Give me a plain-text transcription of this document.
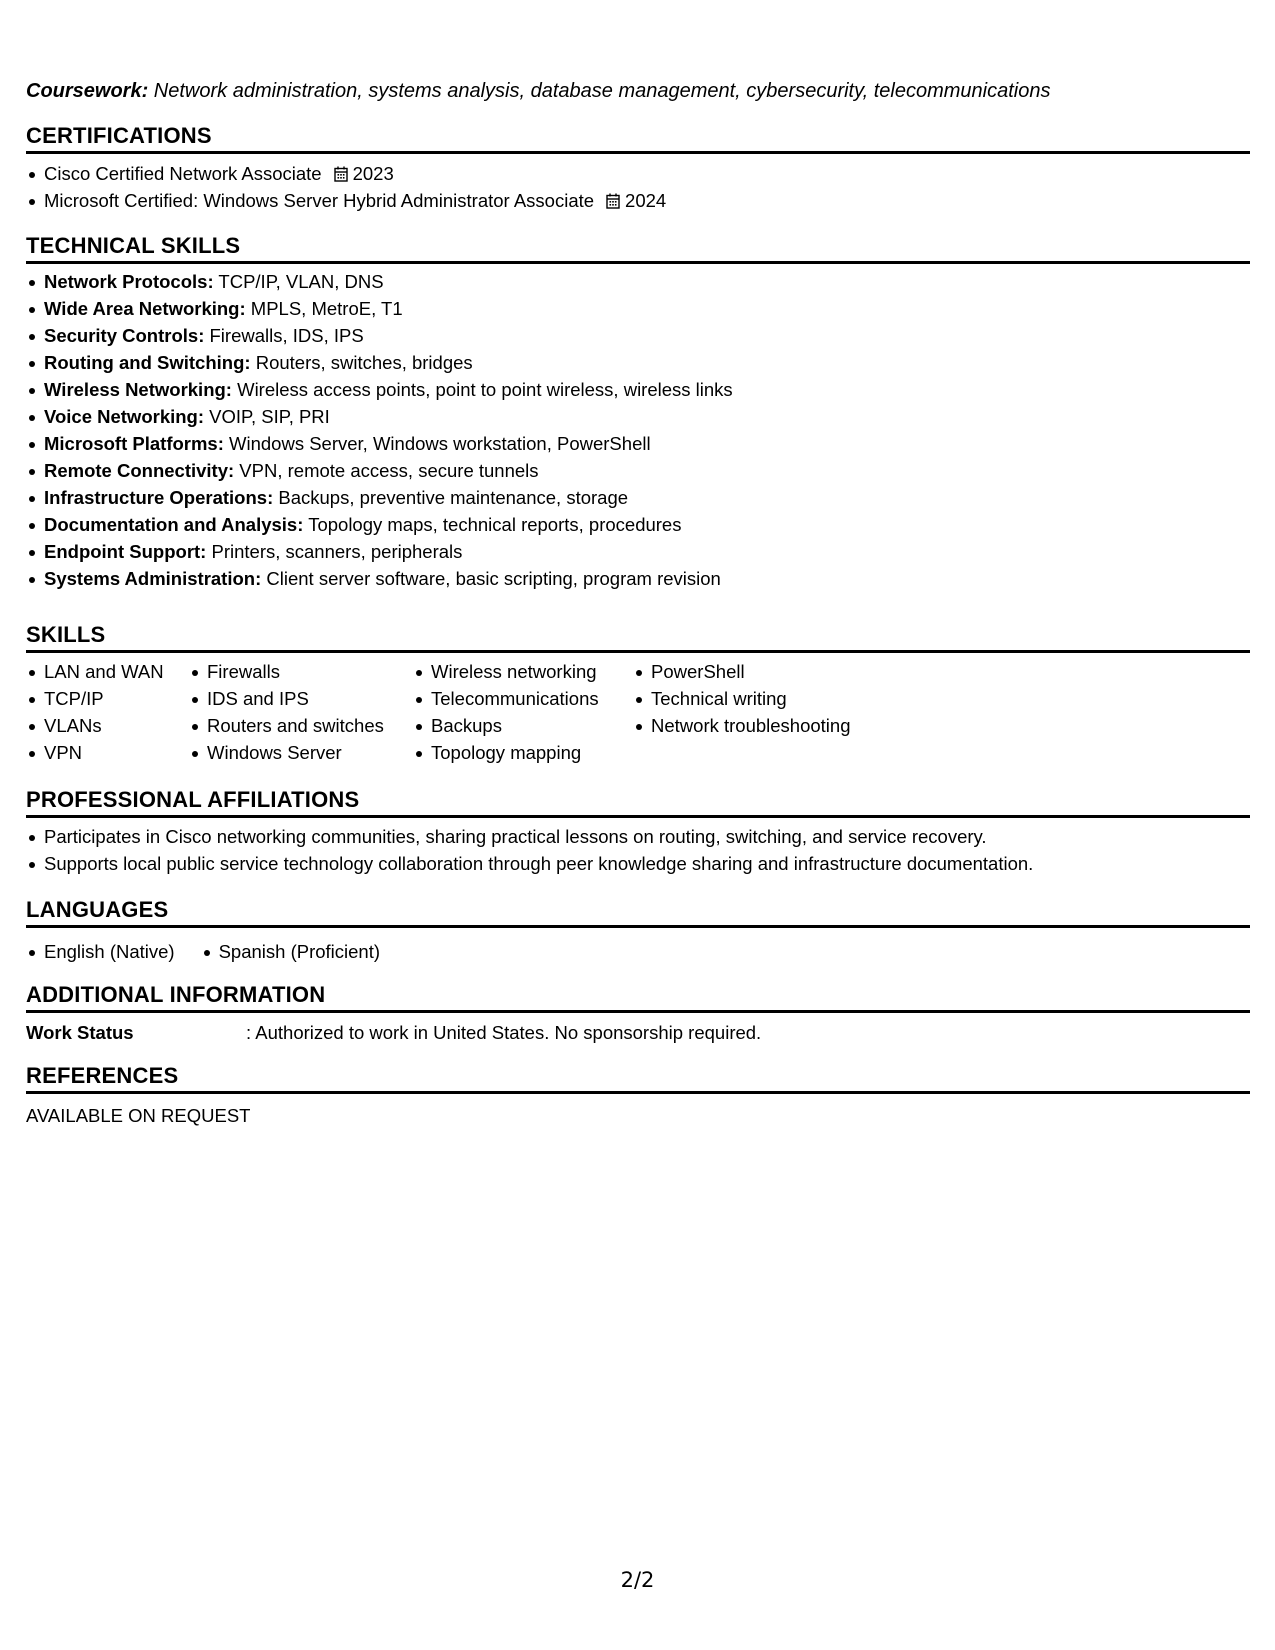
Coursework: Network administration, systems analysis, database management, cybersecurity, telecommunications
CERTIFICATIONS
Cisco Certified Network Associate 2023
Microsoft Certified: Windows Server Hybrid Administrator Associate 2024
TECHNICAL SKILLS
Network Protocols: TCP/IP, VLAN, DNS
Wide Area Networking: MPLS, MetroE, T1
Security Controls: Firewalls, IDS, IPS
Routing and Switching: Routers, switches, bridges
Wireless Networking: Wireless access points, point to point wireless, wireless links
Voice Networking: VOIP, SIP, PRI
Microsoft Platforms: Windows Server, Windows workstation, PowerShell
Remote Connectivity: VPN, remote access, secure tunnels
Infrastructure Operations: Backups, preventive maintenance, storage
Documentation and Analysis: Topology maps, technical reports, procedures
Endpoint Support: Printers, scanners, peripherals
Systems Administration: Client server software, basic scripting, program revision
SKILLS
LAN and WAN
TCP/IP
VLANs
VPN
Firewalls
IDS and IPS
Routers and switches
Windows Server
Wireless networking
Telecommunications
Backups
Topology mapping
PowerShell
Technical writing
Network troubleshooting
PROFESSIONAL AFFILIATIONS
Participates in Cisco networking communities, sharing practical lessons on routing, switching, and service recovery.
Supports local public service technology collaboration through peer knowledge sharing and infrastructure documentation.
LANGUAGES
English (Native)	Spanish (Proficient)
ADDITIONAL INFORMATION
Work Status	: Authorized to work in United States. No sponsorship required.
REFERENCES
AVAILABLE ON REQUEST
2/2
